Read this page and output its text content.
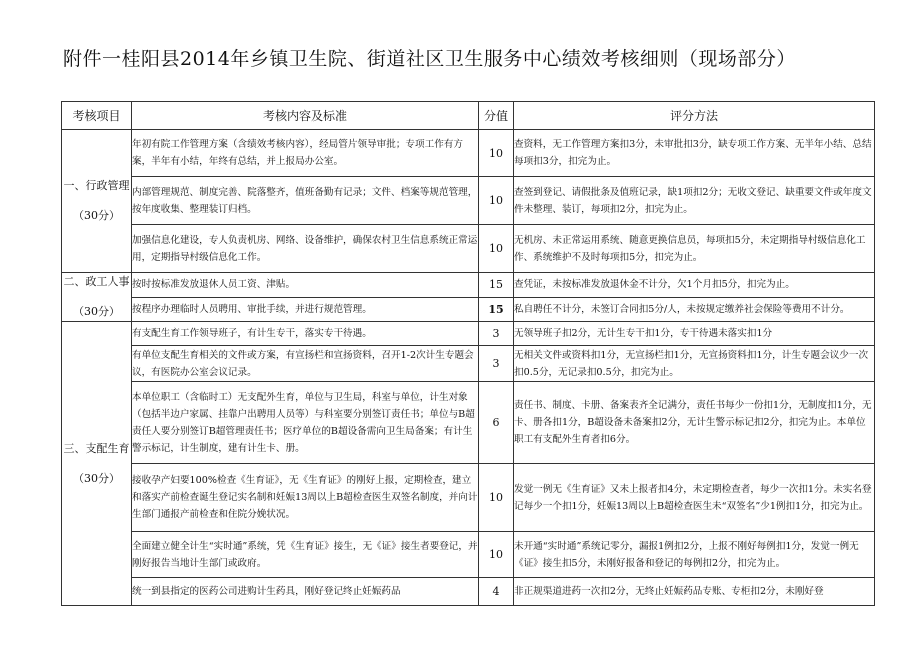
附件一桂阳县2014年乡镇卫生院、街道社区卫生服务中心绩效考核细则（现场部分）
考核项目	考核内容及标准	分值	评分方法

一、行政管理
（30分）	年初有院工作管理方案（含绩效考核内容），经局管片领导审批；专项工作有方案，半年有小结，年终有总结，并上报局办公室。	10	查资料，无工作管理方案扣3分，未审批扣3分，缺专项工作方案、无半年小结、总结每项扣3分，扣完为止。
	内部管理规范、制度完善、院落整齐，值班备勤有记录；文件、档案等规范管理，按年度收集、整理装订归档。	10	查签到登记、请假批条及值班记录，缺1项扣2分；无收文登记、缺重要文件或年度文件未整理、装订，每项扣2分，扣完为止。
	加强信息化建设，专人负责机房、网络、设备维护，确保农村卫生信息系统正常运用，定期指导村级信息化工作。	10	无机房、未正常运用系统、随意更换信息员，每项扣5分，未定期指导村级信息化工作、系统维护不及时每项扣5分，扣完为止。

二、政工人事
（30分）	按时按标准发放退休人员工资、津贴。	15	查凭证，未按标准发放退休金不计分，欠1个月扣5分，扣完为止。
	按程序办理临时人员聘用、审批手续，并进行规范管理。	15	私自聘任不计分，未签订合同扣5分/人，未按规定缴养社会保险等费用不计分。

三、支配生育
（30分）	有支配生育工作领导班子，有计生专干，落实专干待遇。	3	无领导班子扣2分，无计生专干扣1分，专干待遇未落实扣1分
	有单位支配生育相关的文件或方案，有宣扬栏和宣扬资料，召开1-2次计生专题会议，有医院办公室会议记录。	3	无相关文件或资料扣1分，无宣扬栏扣1分，无宣扬资料扣1分，计生专题会议少一次扣0.5分，无记录扣0.5分，扣完为止。
	本单位职工（含临时工）无支配外生育，单位与卫生局，科室与单位，计生对象（包括半边户家属、挂靠户出聘用人员等）与科室要分别签订责任书；单位与B超责任人要分别签订B超管理责任书；医疗单位的B超设备需向卫生局备案；有计生警示标记，计生制度，建有计生卡、册。	6	责任书、制度、卡册、备案表齐全记满分，责任书每少一份扣1分，无制度扣1分，无卡、册各扣1分，B超设备未备案扣2分，无计生警示标记扣2分，扣完为止。本单位职工有支配外生育者扣6分。
	接收孕产妇要100%检查《生育证》，无《生育证》的刚好上报，定期检查，建立和落实产前检查诞生登记实名制和妊娠13周以上B超检查医生双签名制度，并向计生部门通报产前检查和住院分娩状况。	10	发觉一例无《生育证》又未上报者扣4分，未定期检查者，每少一次扣1分。未实名登记每少一个扣1分，妊娠13周以上B超检查医生未“双签名”少1例扣1分，扣完为止。
	全面建立健全计生“实时通”系统，凭《生育证》接生，无《证》接生者要登记，并刚好报告当地计生部门或政府。	10	未开通“实时通”系统记零分，漏报1例扣2分，上报不刚好每例扣1分，发觉一例无《证》接生扣5分，未刚好报备和登记的每例扣2分，扣完为止。
	统一到县指定的医药公司进购计生药具，刚好登记终止妊娠药品	4	非正规渠道进药一次扣2分，无终止妊娠药品专账、专柜扣2分，未刚好登
